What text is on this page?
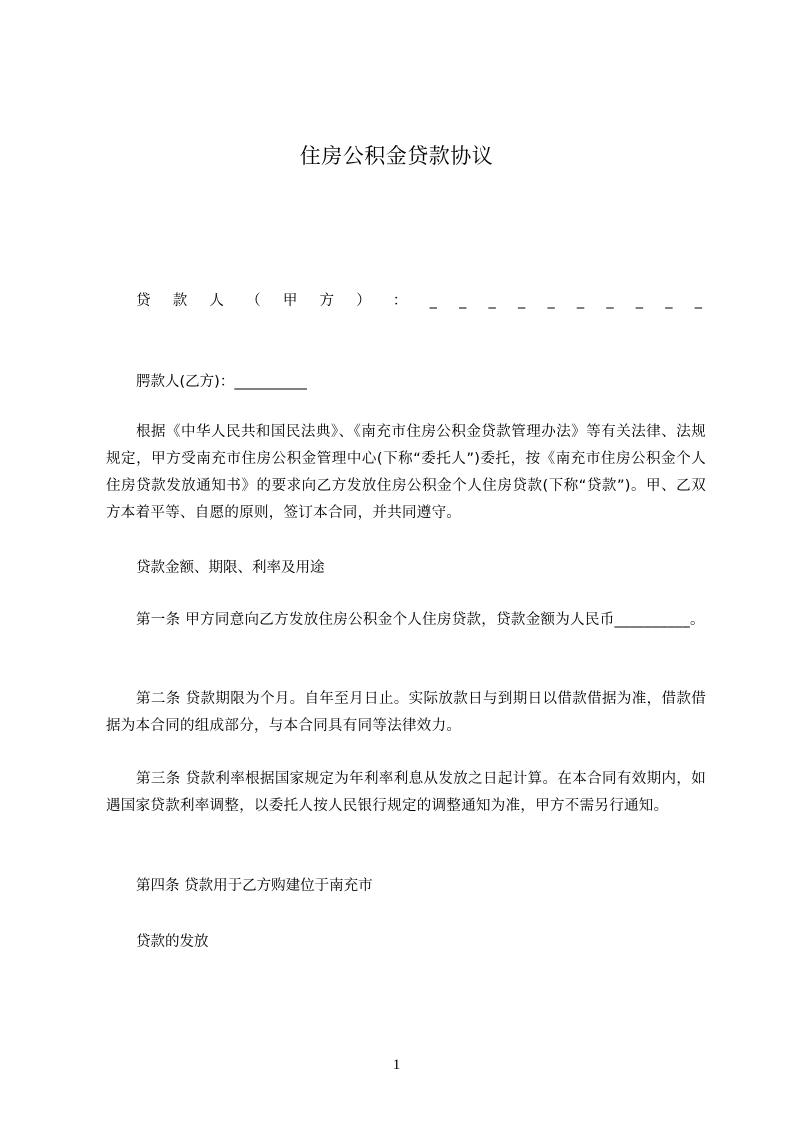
住房公积金贷款协议
贷 款 人 （ 甲 方 ） ： _ _ _ _ _ _ _ _ _ _
腭款人(乙方)：__________
根据《中华人民共和国民法典》、《南充市住房公积金贷款管理办法》等有关法律、法规规定，甲方受南充市住房公积金管理中心(下称“委托人”)委托，按《南充市住房公积金个人住房贷款发放通知书》的要求向乙方发放住房公积金个人住房贷款(下称“贷款”)。甲、乙双方本着平等、自愿的原则，签订本合同，并共同遵守。
贷款金额、期限、利率及用途
第一条 甲方同意向乙方发放住房公积金个人住房贷款，贷款金额为人民币__________。
第二条 贷款期限为个月。自年至月日止。实际放款日与到期日以借款借据为准，借款借据为本合同的组成部分，与本合同具有同等法律效力。
第三条 贷款利率根据国家规定为年利率利息从发放之日起计算。在本合同有效期内，如遇国家贷款利率调整，以委托人按人民银行规定的调整通知为准，甲方不需另行通知。
第四条 贷款用于乙方购建位于南充市
贷款的发放
1
